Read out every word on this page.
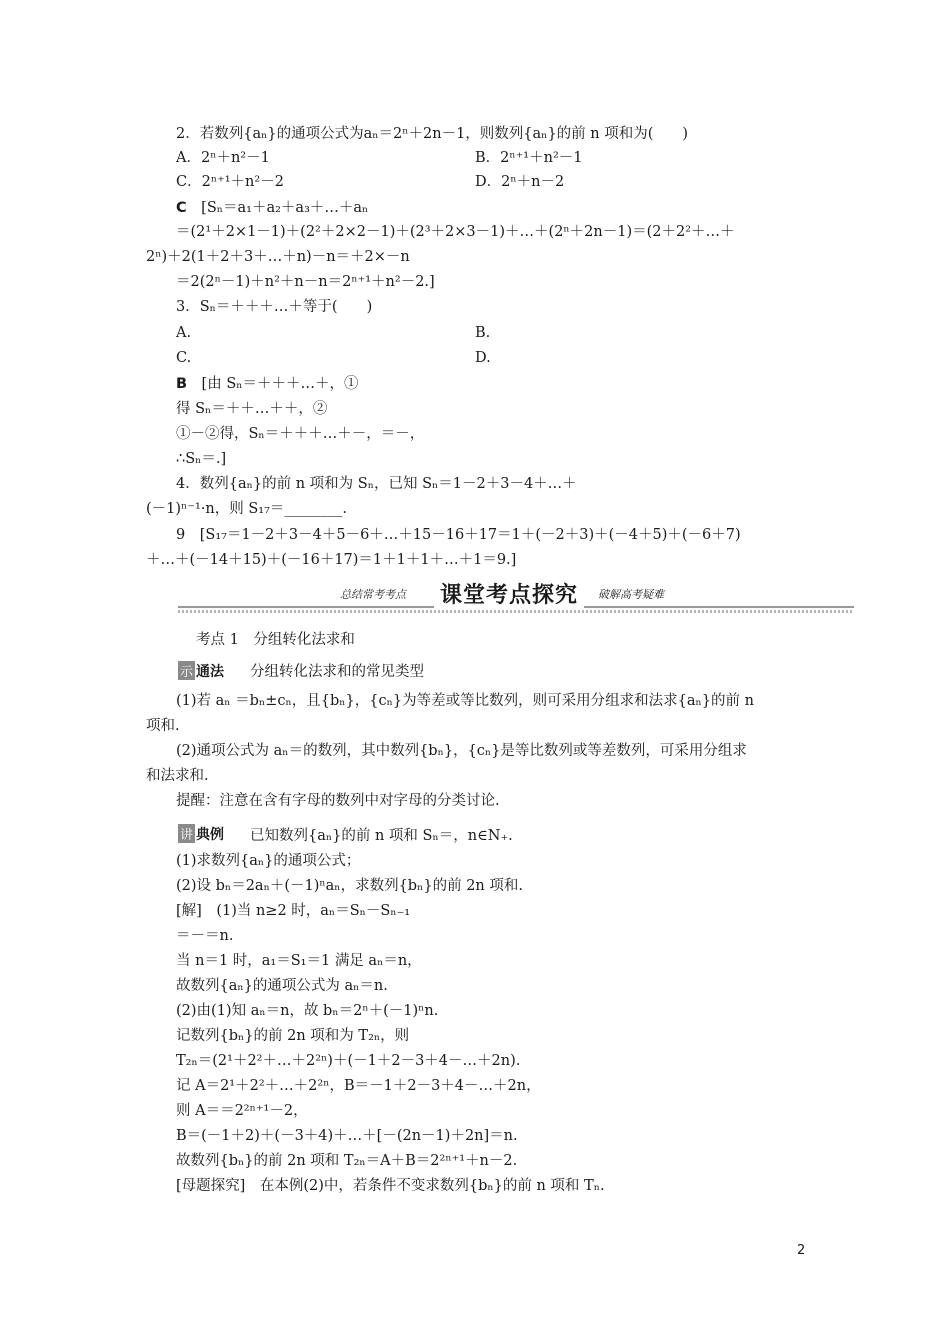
2．若数列{aₙ}的通项公式为aₙ＝2ⁿ＋2n－1，则数列{aₙ}的前 n 项和为(　　)
A．2ⁿ＋n²－1	B．2ⁿ⁺¹＋n²－1
C．2ⁿ⁺¹＋n²－2	D．2ⁿ＋n－2
C　[Sₙ＝a₁＋a₂＋a₃＋…＋aₙ
＝(2¹＋2×1－1)＋(2²＋2×2－1)＋(2³＋2×3－1)＋…＋(2ⁿ＋2n－1)＝(2＋2²＋…＋
2ⁿ)＋2(1＋2＋3＋…＋n)－n＝＋2×－n
＝2(2ⁿ－1)＋n²＋n－n＝2ⁿ⁺¹＋n²－2.]
3．Sₙ＝＋＋＋…＋等于(　　)
A.	B.
C.	D.
B　[由 Sₙ＝＋＋＋…＋，①
得 Sₙ＝＋＋…＋＋，②
①－②得，Sₙ＝＋＋＋…＋－，＝－，
∴Sₙ＝.]
4．数列{aₙ}的前 n 项和为 Sₙ，已知 Sₙ＝1－2＋3－4＋…＋
(－1)ⁿ⁻¹·n，则 S₁₇＝________.
9　[S₁₇＝1－2＋3－4＋5－6＋…＋15－16＋17＝1＋(－2＋3)＋(－4＋5)＋(－6＋7)
＋…＋(－14＋15)＋(－16＋17)＝1＋1＋1＋…＋1＝9.]
考点 1　分组转化法求和
分组转化法求和的常见类型
(1)若 aₙ ＝bₙ±cₙ，且{bₙ}，{cₙ}为等差或等比数列，则可采用分组求和法求{aₙ}的前 n
项和.
(2)通项公式为 aₙ＝的数列，其中数列{bₙ}，{cₙ}是等比数列或等差数列，可采用分组求
和法求和.
提醒：注意在含有字母的数列中对字母的分类讨论.
已知数列{aₙ}的前 n 项和 Sₙ＝，n∈N₊.
(1)求数列{aₙ}的通项公式；
(2)设 bₙ＝2aₙ＋(－1)ⁿaₙ，求数列{bₙ}的前 2n 项和.
[解]　(1)当 n≥2 时，aₙ＝Sₙ－Sₙ₋₁
＝－＝n.
当 n＝1 时，a₁＝S₁＝1 满足 aₙ＝n，
故数列{aₙ}的通项公式为 aₙ＝n.
(2)由(1)知 aₙ＝n，故 bₙ＝2ⁿ＋(－1)ⁿn.
记数列{bₙ}的前 2n 项和为 T₂ₙ，则
T₂ₙ＝(2¹＋2²＋…＋2²ⁿ)＋(－1＋2－3＋4－…＋2n).
记 A＝2¹＋2²＋…＋2²ⁿ，B＝－1＋2－3＋4－…＋2n，
则 A＝＝2²ⁿ⁺¹－2，
B＝(－1＋2)＋(－3＋4)＋…＋[－(2n－1)＋2n]＝n.
故数列{bₙ}的前 2n 项和 T₂ₙ＝A＋B＝2²ⁿ⁺¹＋n－2.
[母题探究]　在本例(2)中，若条件不变求数列{bₙ}的前 n 项和 Tₙ.
总结常考考点 课堂考点探究	破解高考疑难
示 通法
讲 典例
2
